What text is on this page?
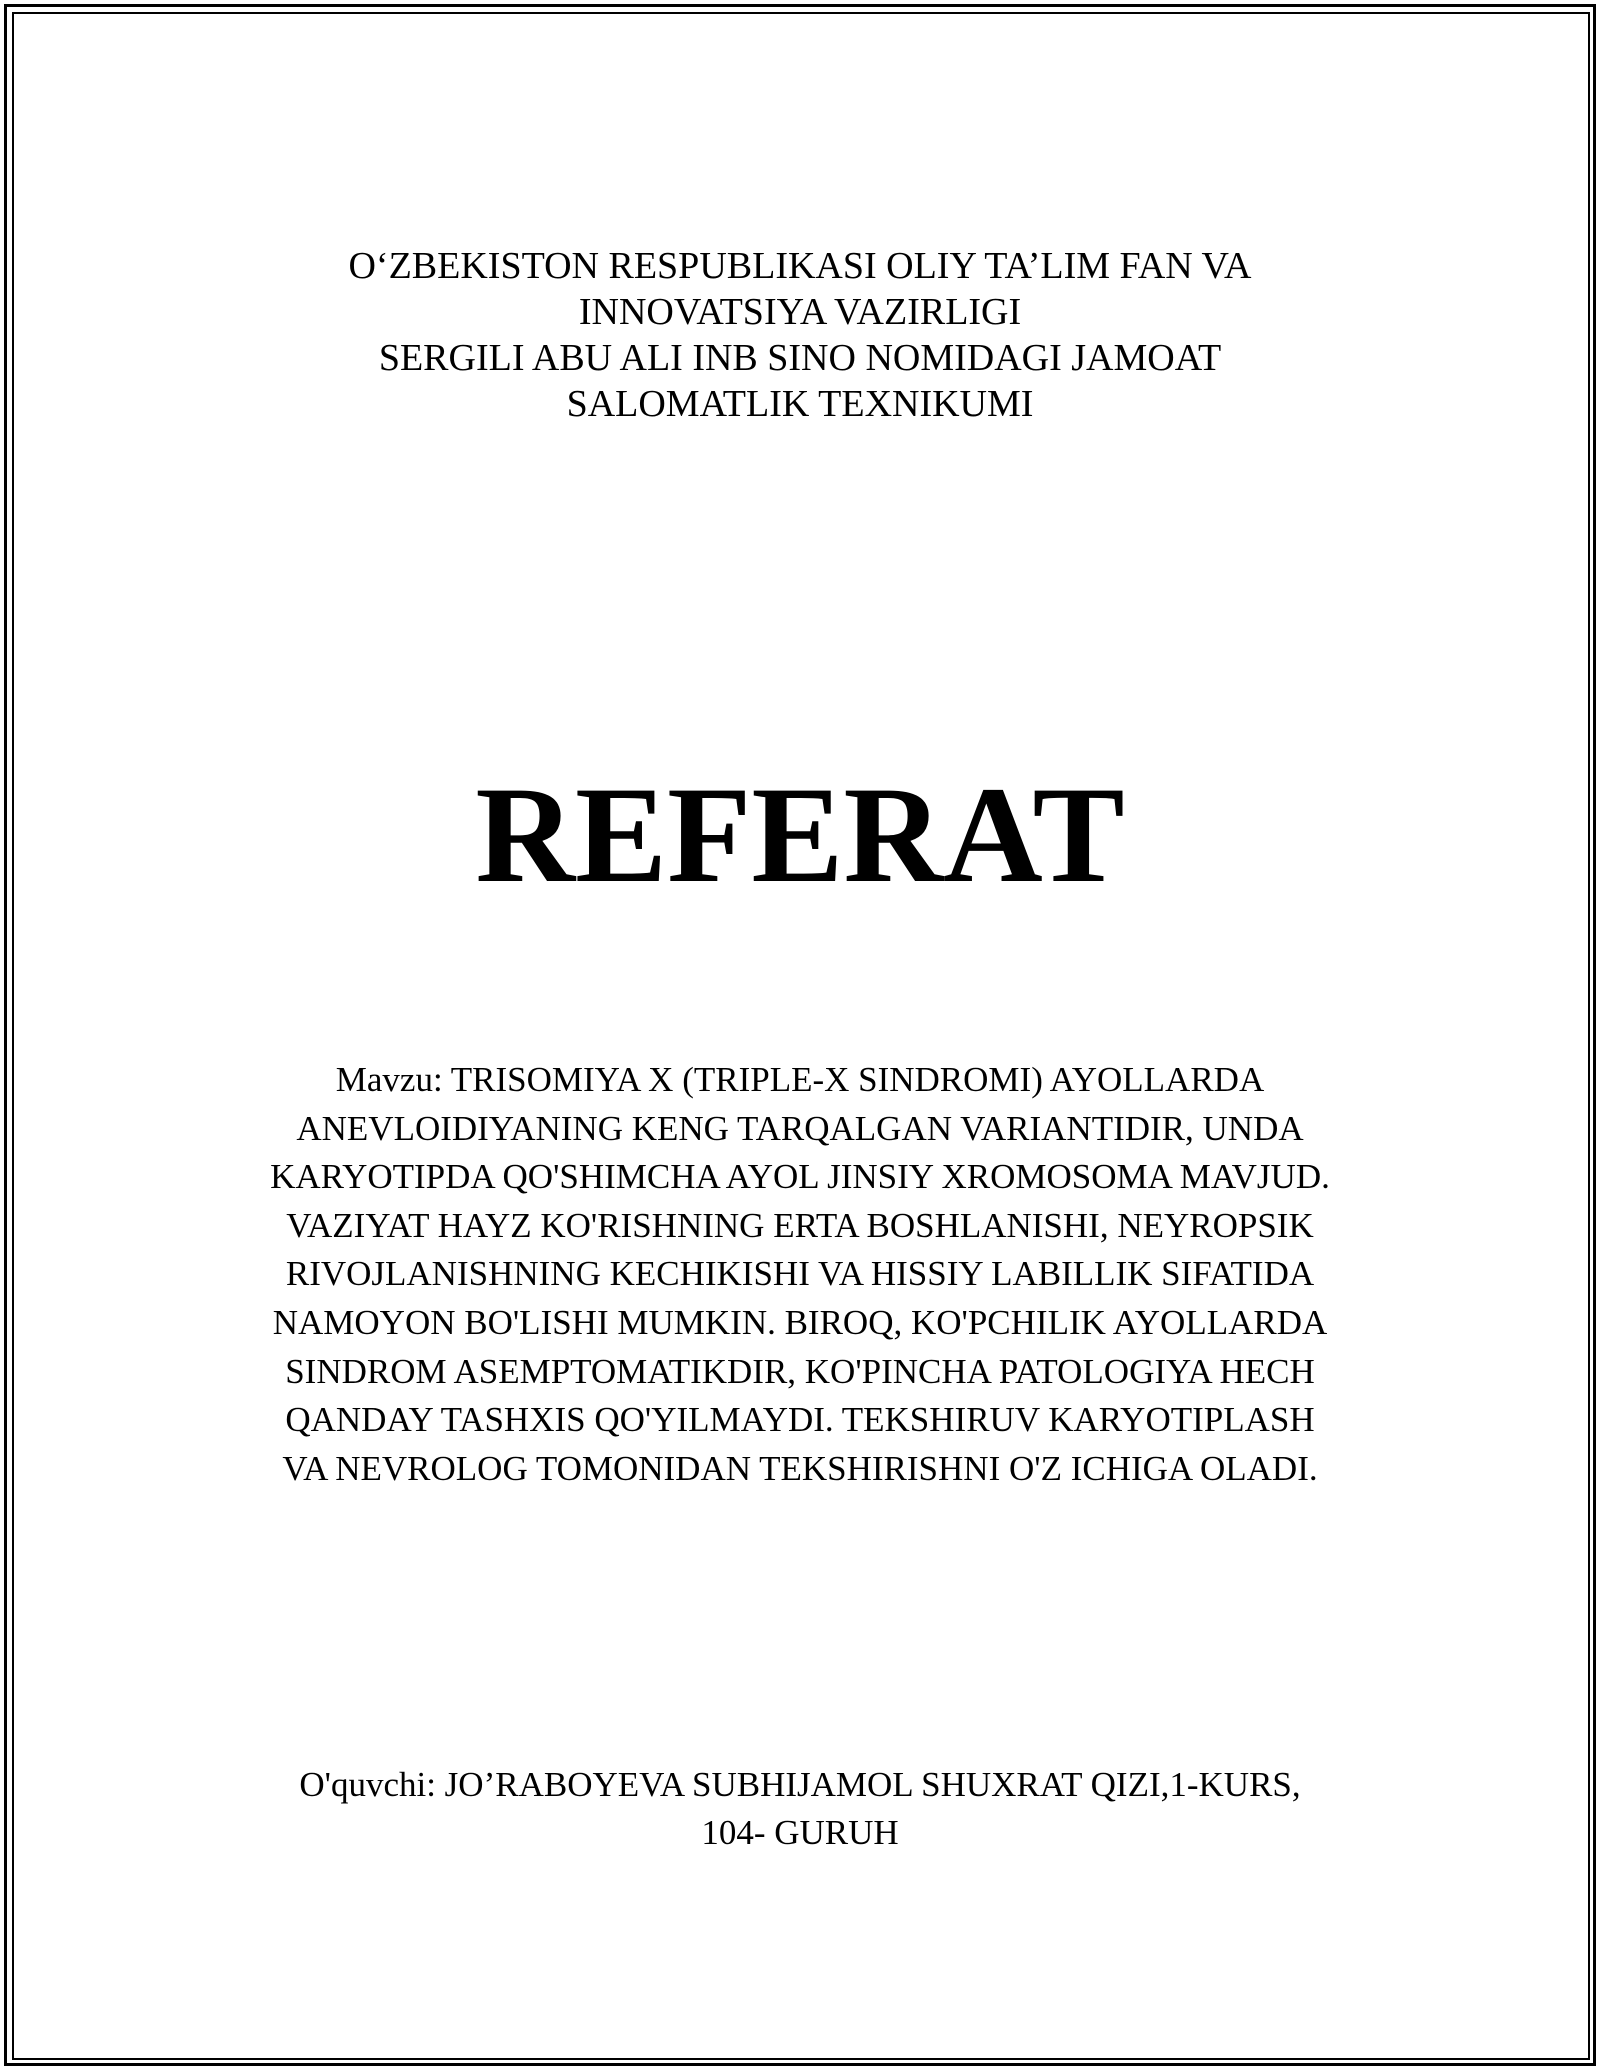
O‘ZBEKISTON RESPUBLIKASI OLIY TA’LIM FAN VA
INNOVATSIYA VAZIRLIGI
SERGILI ABU ALI INB SINO NOMIDAGI JAMOAT
SALOMATLIK TEXNIKUMI
REFERAT
Mavzu: TRISOMIYA X (TRIPLE-X SINDROMI) AYOLLARDA
ANEVLOIDIYANING KENG TARQALGAN VARIANTIDIR, UNDA
KARYOTIPDA QO'SHIMCHA AYOL JINSIY XROMOSOMA MAVJUD.
VAZIYAT HAYZ KO'RISHNING ERTA BOSHLANISHI, NEYROPSIK
RIVOJLANISHNING KECHIKISHI VA HISSIY LABILLIK SIFATIDA
NAMOYON BO'LISHI MUMKIN. BIROQ, KO'PCHILIK AYOLLARDA
SINDROM ASEMPTOMATIKDIR, KO'PINCHA PATOLOGIYA HECH
QANDAY TASHXIS QO'YILMAYDI. TEKSHIRUV KARYOTIPLASH
VA NEVROLOG TOMONIDAN TEKSHIRISHNI O'Z ICHIGA OLADI.
O'quvchi: JO’RABOYEVA SUBHIJAMOL SHUXRAT QIZI,1-KURS,
104- GURUH
